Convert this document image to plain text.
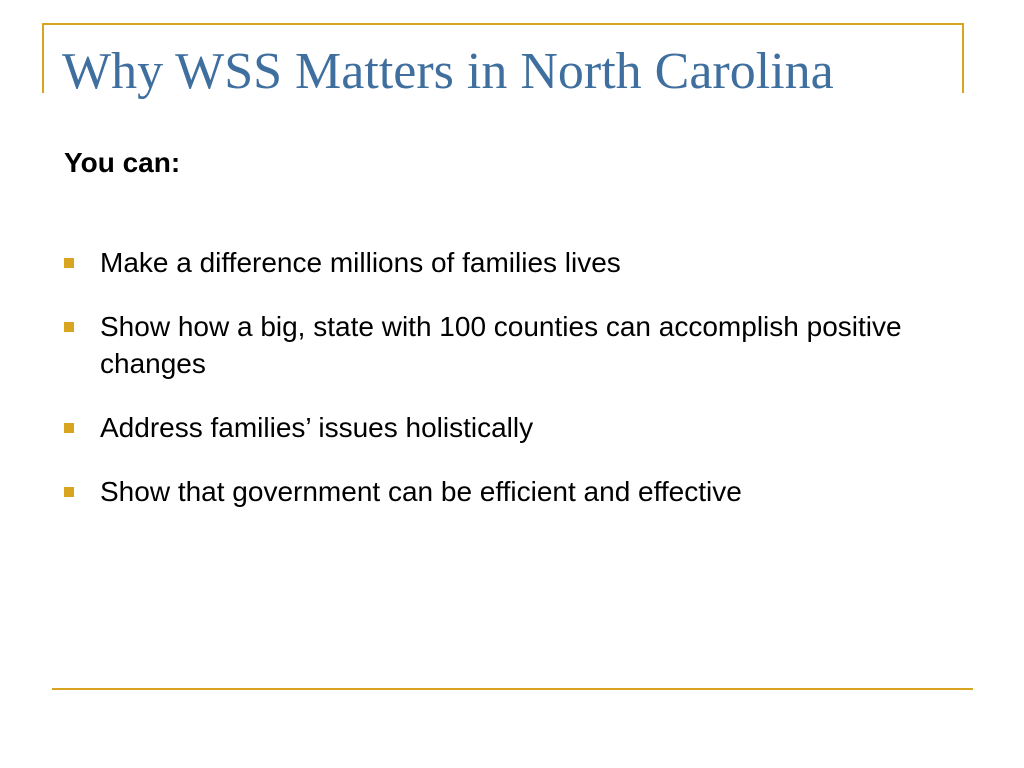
Why WSS Matters in North Carolina

You can:

Make a difference millions of families lives
Show how a big, state with 100 counties can accomplish positive changes
Address families’ issues holistically
Show that government can be efficient and effective
